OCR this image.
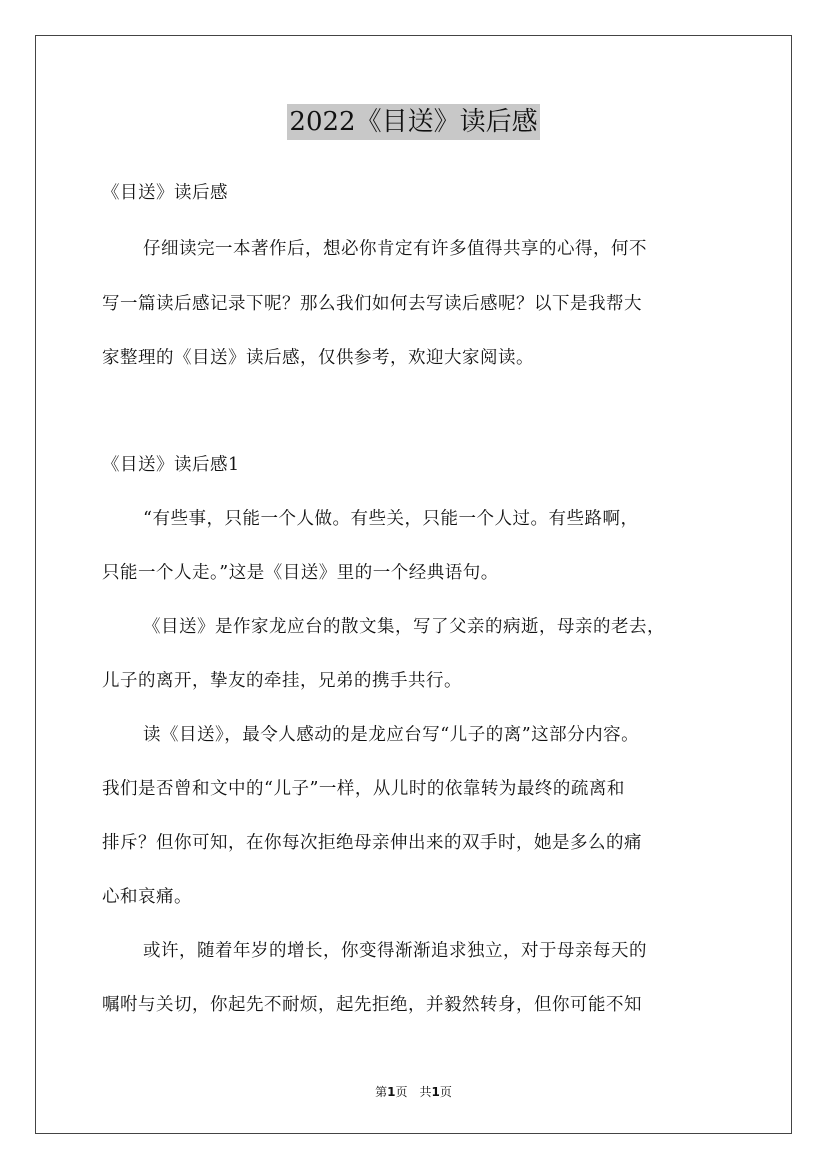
2022《目送》读后感
《目送》读后感
仔细读完一本著作后，想必你肯定有许多值得共享的心得，何不
写一篇读后感记录下呢？那么我们如何去写读后感呢？以下是我帮大
家整理的《目送》读后感，仅供参考，欢迎大家阅读。
《目送》读后感1
“有些事，只能一个人做。有些关，只能一个人过。有些路啊，
只能一个人走。”这是《目送》里的一个经典语句。
《目送》是作家龙应台的散文集，写了父亲的病逝，母亲的老去，
儿子的离开，挚友的牵挂，兄弟的携手共行。
读《目送》，最令人感动的是龙应台写“儿子的离”这部分内容。
我们是否曾和文中的“儿子”一样，从儿时的依靠转为最终的疏离和
排斥？但你可知，在你每次拒绝母亲伸出来的双手时，她是多么的痛
心和哀痛。
或许，随着年岁的增长，你变得渐渐追求独立，对于母亲每天的
嘱咐与关切，你起先不耐烦，起先拒绝，并毅然转身，但你可能不知
第1页　共1页
